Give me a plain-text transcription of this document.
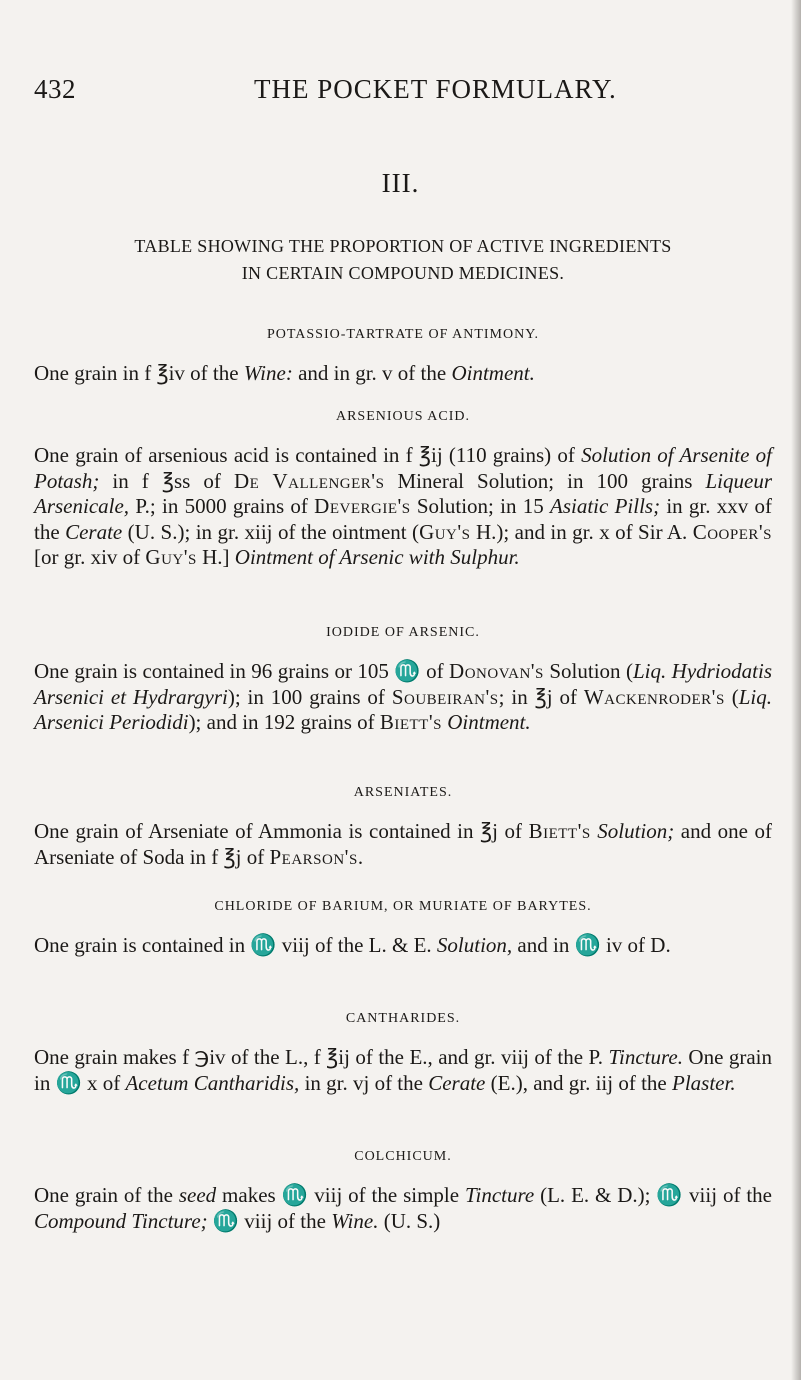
432	THE POCKET FORMULARY.
III.
TABLE SHOWING THE PROPORTION OF ACTIVE INGREDIENTS
IN CERTAIN COMPOUND MEDICINES.
POTASSIO-TARTRATE OF ANTIMONY.

One grain in f ℥iv of the Wine: and in gr. v of the Ointment.

ARSENIOUS ACID.

One grain of arsenious acid is contained in f ℥ij (110 grains) of Solution of Arsenite of Potash; in f ℥ss of De Vallenger's Mineral Solution; in 100 grains Liqueur Arsenicale, P.; in 5000 grains of Devergie's Solution; in 15 Asiatic Pills; in gr. xxv of the Cerate (U. S.); in gr. xiij of the ointment (Guy's H.); and in gr. x of Sir A. Cooper's [or gr. xiv of Guy's H.] Ointment of Arsenic with Sulphur.

IODIDE OF ARSENIC.

One grain is contained in 96 grains or 105 ♏ of Donovan's Solution (Liq. Hydriodatis Arsenici et Hydrargyri); in 100 grains of Soubeiran's; in ℥j of Wackenroder's (Liq. Arsenici Periodidi); and in 192 grains of Biett's Ointment.

ARSENIATES.

One grain of Arseniate of Ammonia is contained in ℥j of Biett's Solution; and one of Arseniate of Soda in f ℥j of Pearson's.

CHLORIDE OF BARIUM, OR MURIATE OF BARYTES.

One grain is contained in ♏ viij of the L. & E. Solution, and in ♏ iv of D.

CANTHARIDES.

One grain makes f ℈iv of the L., f ℥ij of the E., and gr. viij of the P. Tincture. One grain in ♏ x of Acetum Cantharidis, in gr. vj of the Cerate (E.), and gr. iij of the Plaster.

COLCHICUM.

One grain of the seed makes ♏ viij of the simple Tincture (L. E. & D.); ♏ viij of the Compound Tincture; ♏ viij of the Wine. (U. S.)
